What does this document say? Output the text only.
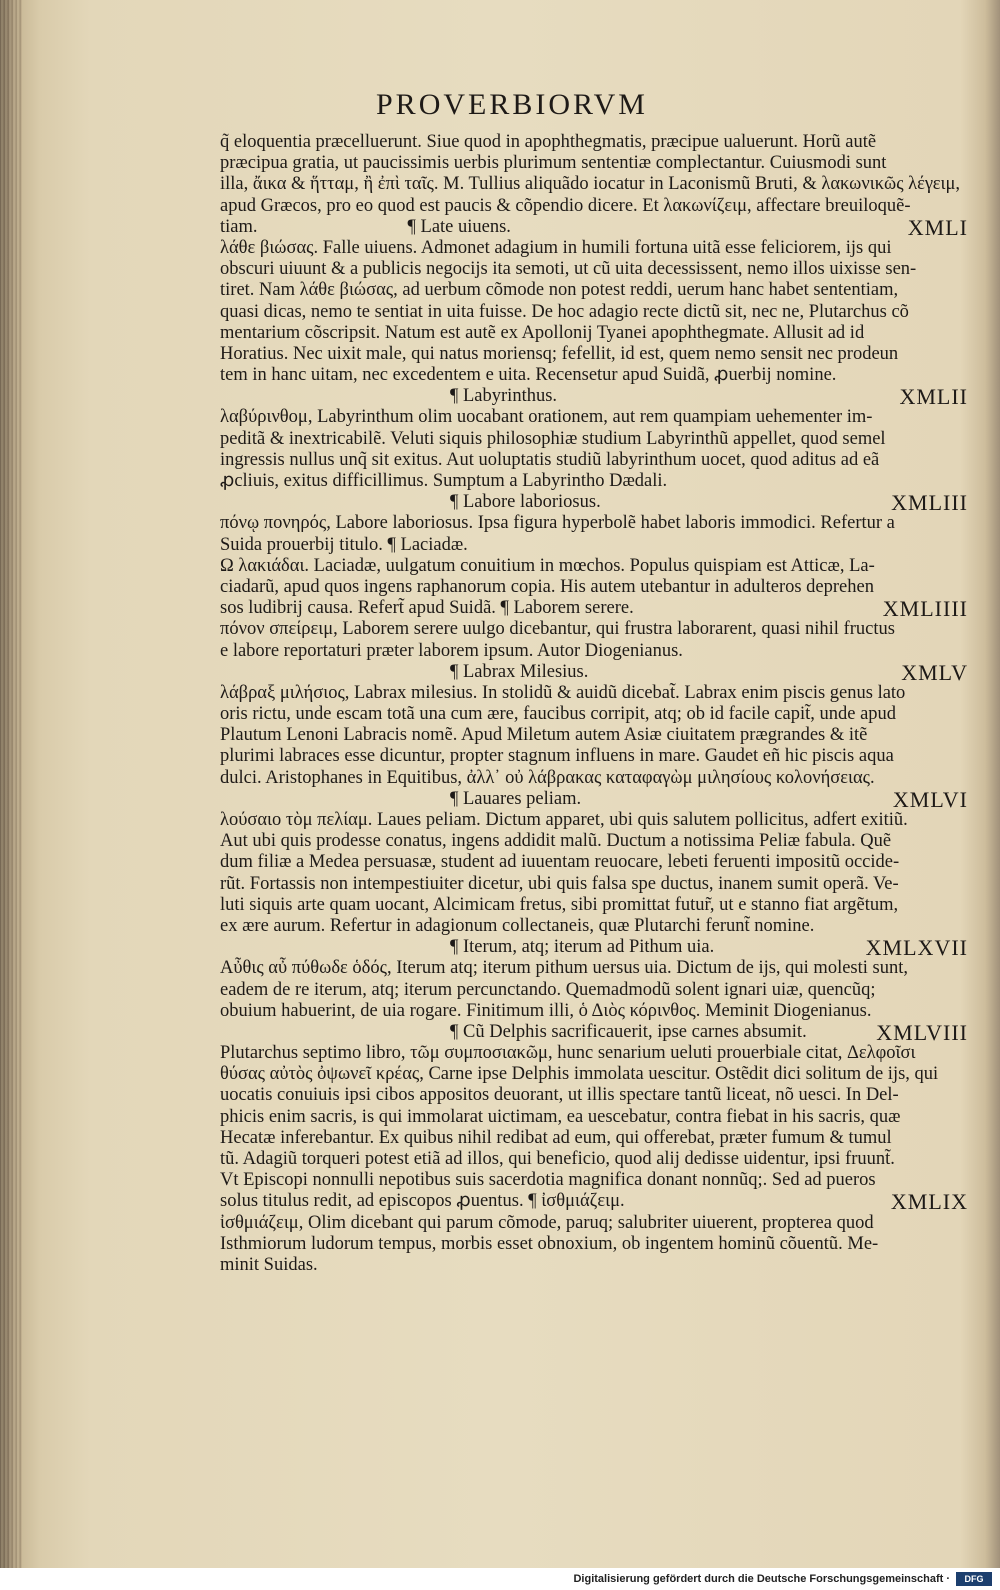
PROVERBIORVM
q̃ eloquentia præcelluerunt. Siue quod in apophthegmatis, præcipue ualuerunt. Horũ autẽ
præcipua gratia, ut paucissimis uerbis plurimum sententiæ complectantur. Cuiusmodi sunt
illa, ἄικα & ἥτταμ, ἢ ἐπὶ ταῖς. M. Tullius aliquãdo iocatur in Laconismũ Bruti, & λακωνικῶς λέγειμ,
apud Græcos, pro eo quod est paucis & cõpendio dicere. Et λακωνίζειμ, affectare breuiloquẽ-
tiam.	¶ Late uiuens.	XMLI
λάθε βιώσας. Falle uiuens. Admonet adagium in humili fortuna uitã esse feliciorem, ijs qui
obscuri uiuunt & a publicis negocijs ita semoti, ut cũ uita decessissent, nemo illos uixisse sen-
tiret. Nam λάθε βιώσας, ad uerbum cõmode non potest reddi, uerum hanc habet sententiam,
quasi dicas, nemo te sentiat in uita fuisse. De hoc adagio recte dictũ sit, nec ne, Plutarchus cõ
mentarium cõscripsit. Natum est autẽ ex Apollonij Tyanei apophthegmate. Allusit ad id
Horatius. Nec uixit male, qui natus moriensq; fefellit, id est, quem nemo sensit nec prodeun
tem in hanc uitam, nec excedentem e uita. Recensetur apud Suidã, ꝓuerbij nomine.
¶ Labyrinthus.	XMLII
λαβύρινθομ, Labyrinthum olim uocabant orationem, aut rem quampiam uehementer im-
peditã & inextricabilẽ. Veluti siquis philosophiæ studium Labyrinthũ appellet, quod semel
ingressis nullus unq̃ sit exitus. Aut uoluptatis studiũ labyrinthum uocet, quod aditus ad eã
ꝓcliuis, exitus difficillimus. Sumptum a Labyrintho Dædali.
¶ Labore laboriosus.	XMLIII
πόνῳ πονηρός, Labore laboriosus. Ipsa figura hyperbolẽ habet laboris immodici. Refertur a
Suida prouerbij titulo. ¶ Laciadæ.
Ω λακιάδαι. Laciadæ, uulgatum conuitium in mœchos. Populus quispiam est Atticæ, La-
ciadarũ, apud quos ingens raphanorum copia. His autem utebantur in adulteros deprehen
sos ludibrij causa. Refert̃ apud Suidã. ¶ Laborem serere.	XMLIIII
πόνον σπείρειμ, Laborem serere uulgo dicebantur, qui frustra laborarent, quasi nihil fructus
e labore reportaturi præter laborem ipsum. Autor Diogenianus.
¶ Labrax Milesius.	XMLV
λάβραξ μιλήσιος, Labrax milesius. In stolidũ & auidũ dicebat̃. Labrax enim piscis genus lato
oris rictu, unde escam totã una cum ære, faucibus corripit, atq; ob id facile capit̃, unde apud
Plautum Lenoni Labracis nomẽ. Apud Miletum autem Asiæ ciuitatem prægrandes & itẽ
plurimi labraces esse dicuntur, propter stagnum influens in mare. Gaudet eñ hic piscis aqua
dulci. Aristophanes in Equitibus, ἀλλ᾽ οὐ λάβρακας καταφαγὼμ μιλησίους κολονήσειας.
¶ Lauares peliam.	XMLVI
λούσαιο τὸμ πελίαμ. Laues peliam. Dictum apparet, ubi quis salutem pollicitus, adfert exitiũ.
Aut ubi quis prodesse conatus, ingens addidit malũ. Ductum a notissima Peliæ fabula. Quẽ
dum filiæ a Medea persuasæ, student ad iuuentam reuocare, lebeti feruenti impositũ occide-
rũt. Fortassis non intempestiuiter dicetur, ubi quis falsa spe ductus, inanem sumit operã. Ve-
luti siquis arte quam uocant, Alcimicam fretus, sibi promittat futur̃, ut e stanno fiat argẽtum,
ex ære aurum. Refertur in adagionum collectaneis, quæ Plutarchi ferunt̃ nomine.
¶ Iterum, atq; iterum ad Pithum uia.	XMLXVII
Αὖθις αὖ πύθωδε ὁδός, Iterum atq; iterum pithum uersus uia. Dictum de ijs, qui molesti sunt,
eadem de re iterum, atq; iterum percunctando. Quemadmodũ solent ignari uiæ, quencũq;
obuium habuerint, de uia rogare. Finitimum illi, ὁ Διὸς κόρινθος. Meminit Diogenianus.
¶ Cũ Delphis sacrificauerit, ipse carnes absumit.	XMLVIII
Plutarchus septimo libro, τῶμ συμποσιακῶμ, hunc senarium ueluti prouerbiale citat, Δελφοῖσι
θύσας αὐτὸς ὀψωνεῖ κρέας, Carne ipse Delphis immolata uescitur. Ostẽdit dici solitum de ijs, qui
uocatis conuiuis ipsi cibos appositos deuorant, ut illis spectare tantũ liceat, nõ uesci. In Del-
phicis enim sacris, is qui immolarat uictimam, ea uescebatur, contra fiebat in his sacris, quæ
Hecatæ inferebantur. Ex quibus nihil redibat ad eum, qui offerebat, præter fumum & tumul
tũ. Adagiũ torqueri potest etiã ad illos, qui beneficio, quod alij dedisse uidentur, ipsi fruunt̃.
Vt Episcopi nonnulli nepotibus suis sacerdotia magnifica donant nonnũq;. Sed ad pueros
solus titulus redit, ad episcopos ꝓuentus. ¶ ἰσθμιάζειμ.	XMLIX
ἰσθμιάζειμ, Olim dicebant qui parum cõmode, paruq; salubriter uiuerent, propterea quod
Isthmiorum ludorum tempus, morbis esset obnoxium, ob ingentem hominũ cõuentũ. Me-
minit Suidas.
Digitalisierung gefördert durch die Deutsche Forschungsgemeinschaft ·	DFG
